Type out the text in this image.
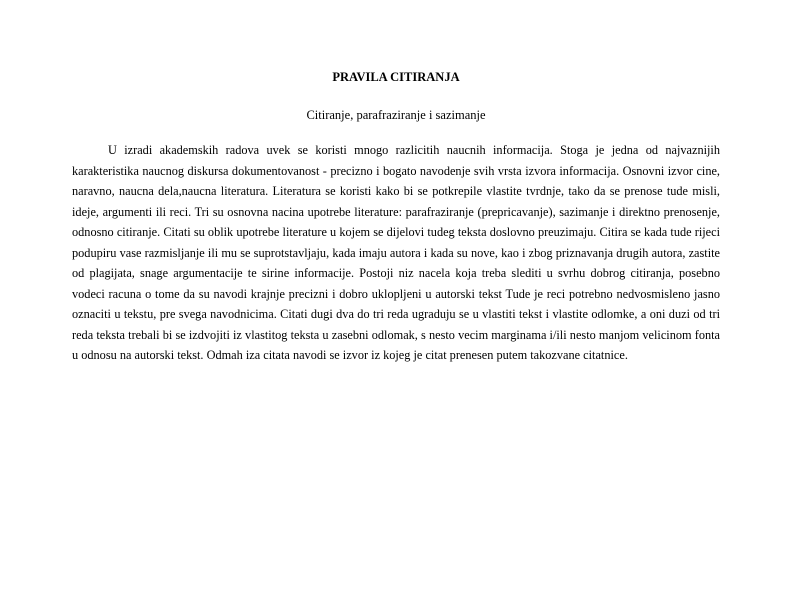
PRAVILA CITIRANJA
Citiranje, parafraziranje i sazimanje

U izradi akademskih radova uvek se koristi mnogo razlicitih naucnih informacija. Stoga je jedna od najvaznijih karakteristika naucnog diskursa dokumentovanost - precizno i bogato navodenje svih vrsta izvora informacija. Osnovni izvor cine, naravno, naucna dela,naucna literatura. Literatura se koristi kako bi se potkrepile vlastite tvrdnje, tako da se prenose tude misli, ideje, argumenti ili reci. Tri su osnovna nacina upotrebe literature: parafraziranje (prepricavanje), sazimanje i direktno prenosenje, odnosno citiranje. Citati su oblik upotrebe literature u kojem se dijelovi tudeg teksta doslovno preuzimaju. Citira se kada tude rijeci podupiru vase razmisljanje ili mu se suprotstavljaju, kada imaju autora i kada su nove, kao i zbog priznavanja drugih autora, zastite od plagijata, snage argumentacije te sirine informacije. Postoji niz nacela koja treba slediti u svrhu dobrog citiranja, posebno vodeci racuna o tome da su navodi krajnje precizni i dobro uklopljeni u autorski tekst Tude je reci potrebno nedvosmisleno jasno oznaciti u tekstu, pre svega navodnicima. Citati dugi dva do tri reda ugraduju se u vlastiti tekst i vlastite odlomke, a oni duzi od tri reda teksta trebali bi se izdvojiti iz vlastitog teksta u zasebni odlomak, s nesto vecim marginama i/ili nesto manjom velicinom fonta u odnosu na autorski tekst. Odmah iza citata navodi se izvor iz kojeg je citat prenesen putem takozvane citatnice.
